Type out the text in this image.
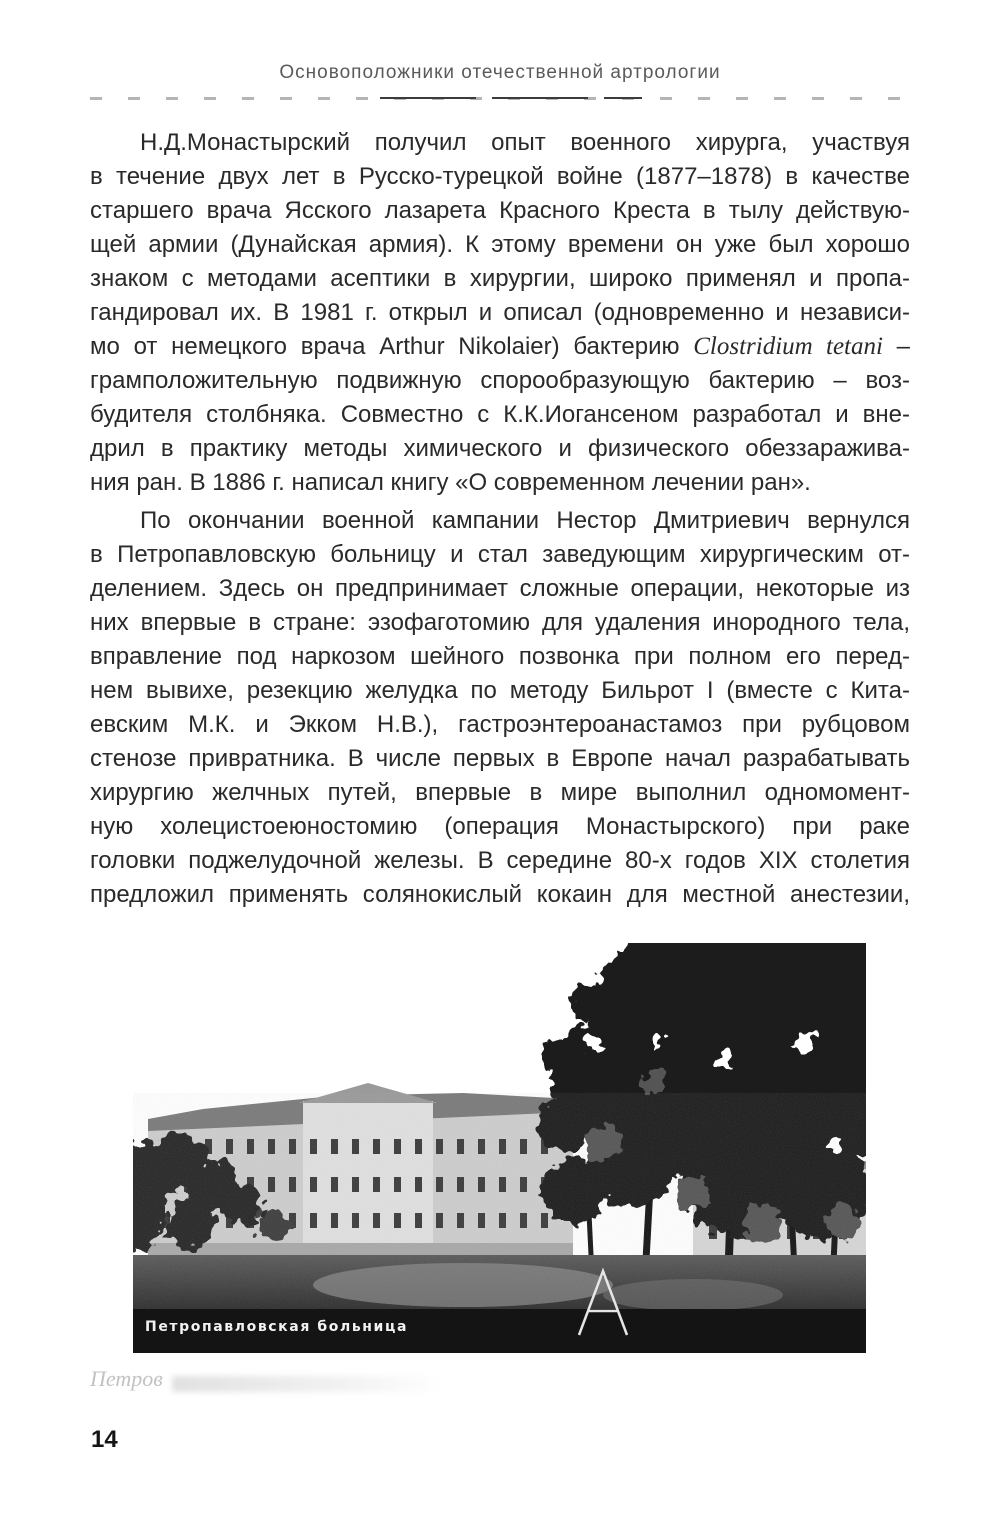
Основоположники отечественной артрологии
Н.Д.Монастырский получил опыт военного хирурга, участвуя
в течение двух лет в Русско-турецкой войне (1877–1878) в качестве
старшего врача Ясского лазарета Красного Креста в тылу действую-
щей армии (Дунайская армия). К этому времени он уже был хорошо
знаком с методами асептики в хирургии, широко применял и пропа-
гандировал их. В 1981 г. открыл и описал (одновременно и независи-
мо от немецкого врача Arthur Nikolaier) бактерию Clostridium tetani –
грамположительную подвижную спорообразующую бактерию – воз-
будителя столбняка. Совместно с К.К.Иогансеном разработал и вне-
дрил в практику методы химического и физического обеззаражива-
ния ран. В 1886 г. написал книгу «О современном лечении ран».
По окончании военной кампании Нестор Дмитриевич вернулся
в Петропавловскую больницу и стал заведующим хирургическим от-
делением. Здесь он предпринимает сложные операции, некоторые из
них впервые в стране: эзофаготомию для удаления инородного тела,
вправление под наркозом шейного позвонка при полном его перед-
нем вывихе, резекцию желудка по методу Бильрот I (вместе с Кита-
евским М.К. и Экком Н.В.), гастроэнтероанастамоз при рубцовом
стенозе привратника. В числе первых в Европе начал разрабатывать
хирургию желчных путей, впервые в мире выполнил одномомент-
ную холецистоеюностомию (операция Монастырского) при раке
головки поджелудочной железы. В середине 80-х годов XIX столетия
предложил применять солянокислый кокаин для местной анестезии,
Петропавловская больница
Петров
14
